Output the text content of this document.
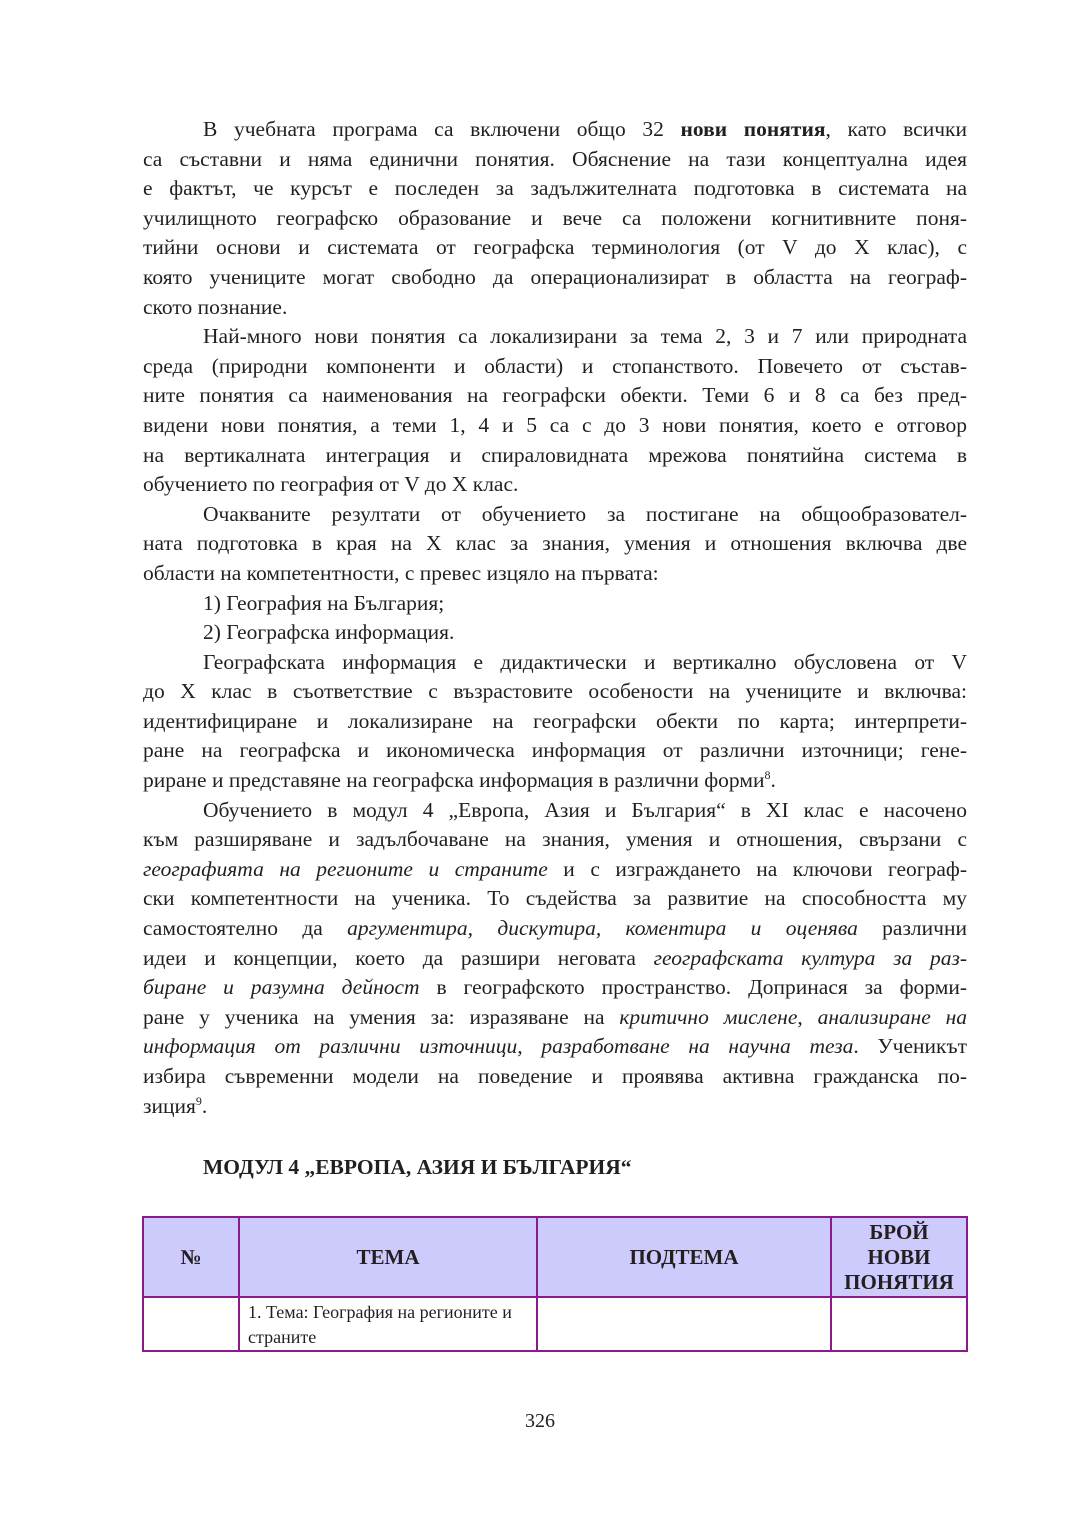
В учебната програма са включени общо 32 нови понятия, като всички
са съставни и няма единични понятия. Обяснение на тази концептуална идея
е фактът, че курсът е последен за задължителната подготовка в системата на
училищното географско образование и вече са положени когнитивните поня-
тийни основи и системата от географска терминология (от V до X клас), с
която учениците могат свободно да операционализират в областта на географ-
ското познание.
Най-много нови понятия са локализирани за тема 2, 3 и 7 или природната
среда (природни компоненти и области) и стопанството. Повечето от състав-
ните понятия са наименования на географски обекти. Теми 6 и 8 са без пред-
видени нови понятия, а теми 1, 4 и 5 са с до 3 нови понятия, което е отговор
на вертикалната интеграция и спираловидната мрежова понятийна система в
обучението по география от V до X клас.
Очакваните резултати от обучението за постигане на общообразовател-
ната подготовка в края на X клас за знания, умения и отношения включва две
области на компетентности, с превес изцяло на първата:
1) География на България;
2) Географска информация.
Географската информация е дидактически и вертикално обусловена от V
до X клас в съответствие с възрастовите особености на учениците и включва:
идентифициране и локализиране на географски обекти по карта; интерпрети-
ране на географска и икономическа информация от различни източници; гене-
риране и представяне на географска информация в различни форми$^8$.
Обучението в модул 4 „Европа, Азия и България“ в XI клас е насочено
към разширяване и задълбочаване на знания, умения и отношения, свързани с
географията на регионите и страните и с изграждането на ключови географ-
ски компетентности на ученика. То съдейства за развитие на способността му
самостоятелно да аргументира, дискутира, коментира и оценява различни
идеи и концепции, което да разшири неговата географската култура за раз-
биране и разумна дейност в географското пространство. Допринася за форми-
ране у ученика на умения за: изразяване на критично мислене, анализиране на
информация от различни източници, разработване на научна теза. Ученикът
избира съвременни модели на поведение и проявява активна гражданска по-
зиция$^9$.
МОДУЛ 4 „ЕВРОПА, АЗИЯ И БЪЛГАРИЯ“
№	ТЕМА	ПОДТЕМА	БРОЙ НОВИ ПОНЯТИЯ
	1. Тема: География на регионите и страните		
326
